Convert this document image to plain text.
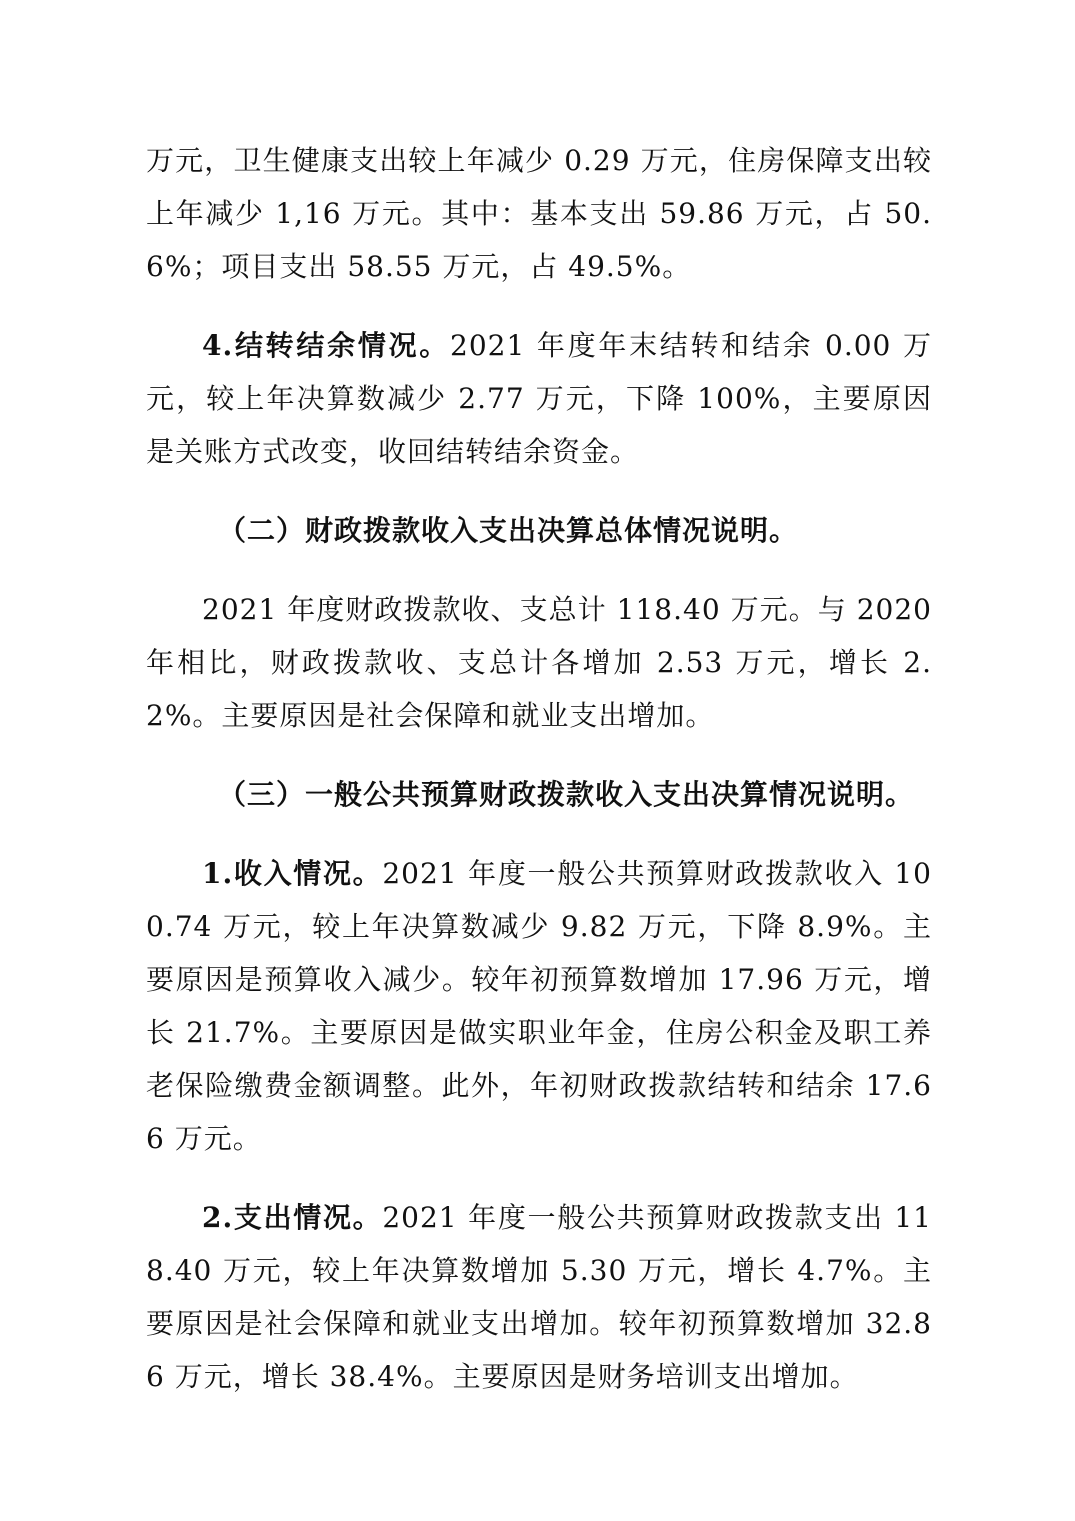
万元，卫生健康支出较上年减少 0.29 万元，住房保障支出较上年减少 1,16 万元。其中：基本支出 59.86 万元，占 50.6%；项目支出 58.55 万元，占 49.5%。

4.结转结余情况。2021 年度年末结转和结余 0.00 万元，较上年决算数减少 2.77 万元，下降 100%，主要原因是关账方式改变，收回结转结余资金。

（二）财政拨款收入支出决算总体情况说明。

2021 年度财政拨款收、支总计 118.40 万元。与 2020 年相比，财政拨款收、支总计各增加 2.53 万元，增长 2.2%。主要原因是社会保障和就业支出增加。

（三）一般公共预算财政拨款收入支出决算情况说明。

1.收入情况。2021 年度一般公共预算财政拨款收入 100.74 万元，较上年决算数减少 9.82 万元，下降 8.9%。主要原因是预算收入减少。较年初预算数增加 17.96 万元，增长 21.7%。主要原因是做实职业年金，住房公积金及职工养老保险缴费金额调整。此外，年初财政拨款结转和结余 17.66 万元。

2.支出情况。2021 年度一般公共预算财政拨款支出 118.40 万元，较上年决算数增加 5.30 万元，增长 4.7%。主要原因是社会保障和就业支出增加。较年初预算数增加 32.86 万元，增长 38.4%。主要原因是财务培训支出增加。
